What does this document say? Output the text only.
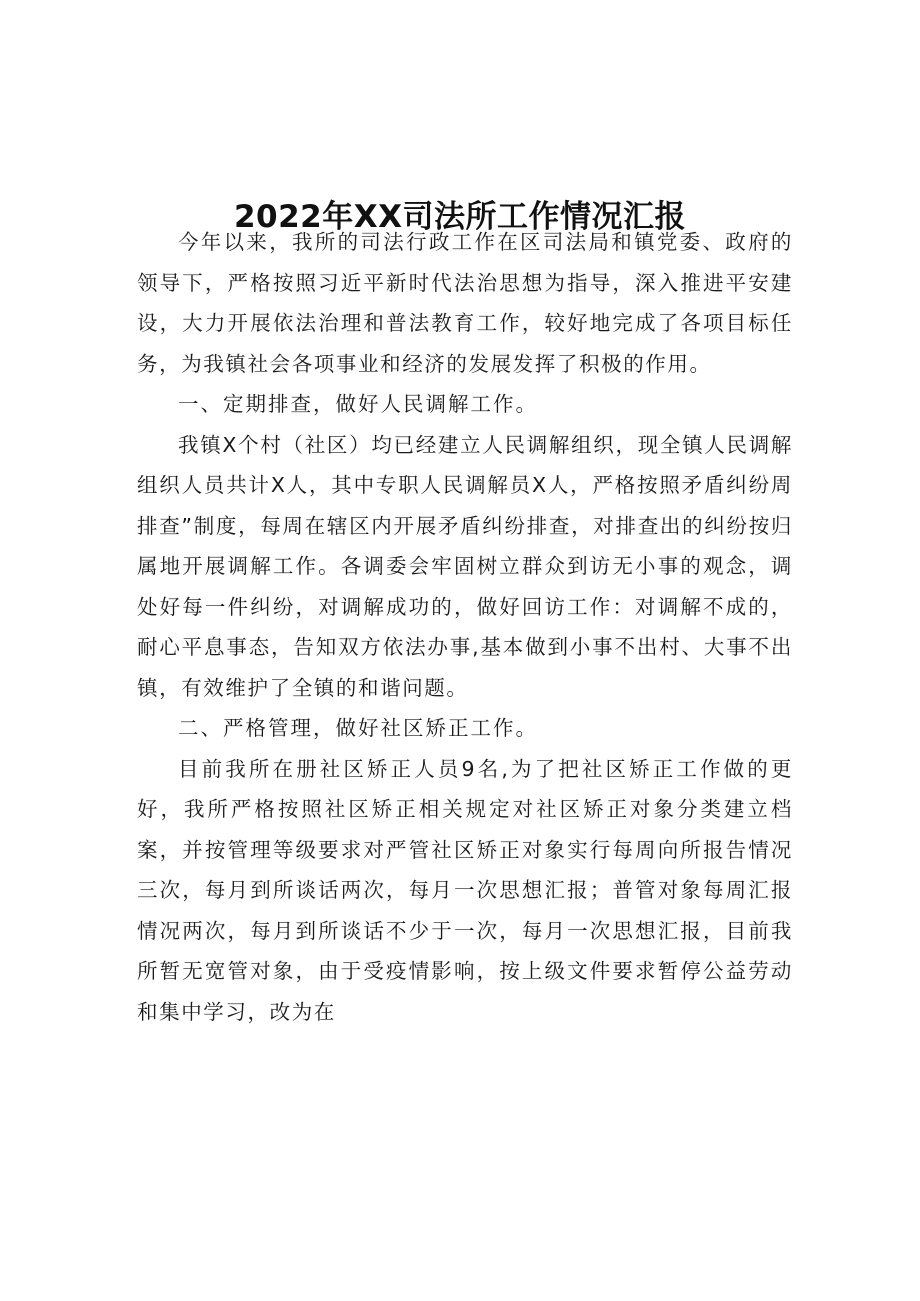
2022年XX司法所工作情况汇报

今年以来，我所的司法行政工作在区司法局和镇党委、政府的领导下，严格按照习近平新时代法治思想为指导，深入推进平安建设，大力开展依法治理和普法教育工作，较好地完成了各项目标任务，为我镇社会各项事业和经济的发展发挥了积极的作用。

一、定期排查，做好人民调解工作。

我镇X个村（社区）均已经建立人民调解组织，现全镇人民调解组织人员共计X人，其中专职人民调解员X人，严格按照矛盾纠纷周排查”制度，每周在辖区内开展矛盾纠纷排查，对排查出的纠纷按归属地开展调解工作。各调委会牢固树立群众到访无小事的观念，调处好每一件纠纷，对调解成功的，做好回访工作：对调解不成的，耐心平息事态，告知双方依法办事,基本做到小事不出村、大事不出镇，有效维护了全镇的和谐问题。

二、严格管理，做好社区矫正工作。

目前我所在册社区矫正人员9名,为了把社区矫正工作做的更好，我所严格按照社区矫正相关规定对社区矫正对象分类建立档案，并按管理等级要求对严管社区矫正对象实行每周向所报告情况三次，每月到所谈话两次，每月一次思想汇报；普管对象每周汇报情况两次，每月到所谈话不少于一次，每月一次思想汇报，目前我所暂无宽管对象，由于受疫情影响，按上级文件要求暂停公益劳动和集中学习，改为在
